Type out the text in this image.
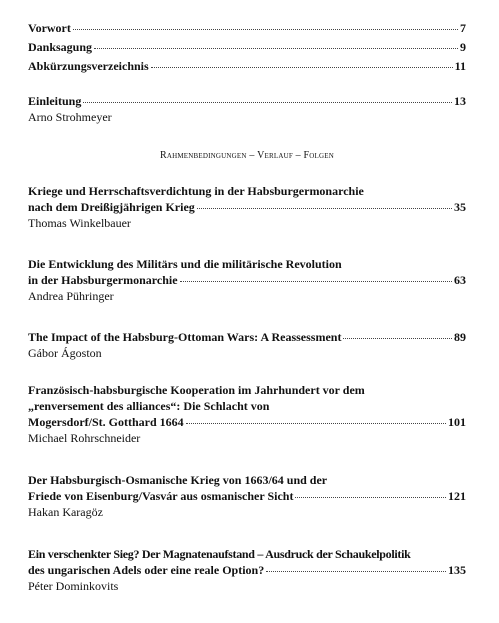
Vorwort	7
Danksagung	9
Abkürzungsverzeichnis	11
Einleitung	13
Arno Strohmeyer
Rahmenbedingungen – Verlauf – Folgen
Kriege und Herrschaftsverdichtung in der Habsburgermonarchie
nach dem Dreißigjährigen Krieg	35
Thomas Winkelbauer
Die Entwicklung des Militärs und die militärische Revolution
in der Habsburgermonarchie	63
Andrea Pühringer
The Impact of the Habsburg-Ottoman Wars: A Reassessment	89
Gábor Ágoston
Französisch-habsburgische Kooperation im Jahrhundert vor dem
„renversement des alliances“: Die Schlacht von
Mogersdorf/St. Gotthard 1664	101
Michael Rohrschneider
Der Habsburgisch-Osmanische Krieg von 1663/64 und der
Friede von Eisenburg/Vasvár aus osmanischer Sicht	121
Hakan Karagöz
Ein verschenkter Sieg? Der Magnatenaufstand – Ausdruck der Schaukelpolitik
des ungarischen Adels oder eine reale Option?	135
Péter Dominkovits
